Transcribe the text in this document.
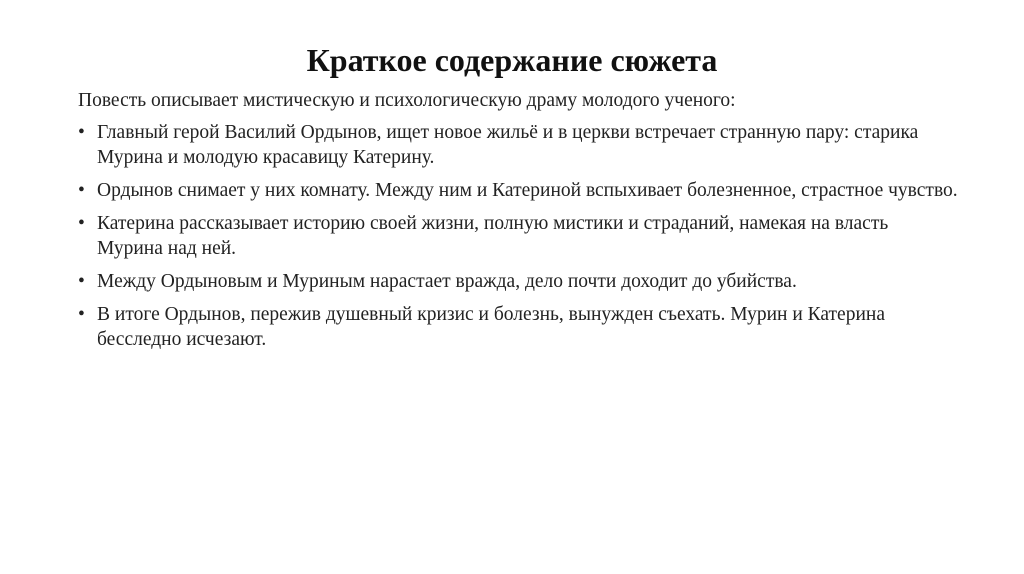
Краткое содержание сюжета

Повесть описывает мистическую и психологическую драму молодого ученого:

• Главный герой Василий Ордынов, ищет новое жильё и в церкви встречает странную пару: старика Мурина и молодую красавицу Катерину.
• Ордынов снимает у них комнату. Между ним и Катериной вспыхивает болезненное, страстное чувство.
• Катерина рассказывает историю своей жизни, полную мистики и страданий, намекая на власть Мурина над ней.
• Между Ордыновым и Муриным нарастает вражда, дело почти доходит до убийства.
• В итоге Ордынов, пережив душевный кризис и болезнь, вынужден съехать. Мурин и Катерина бесследно исчезают.
